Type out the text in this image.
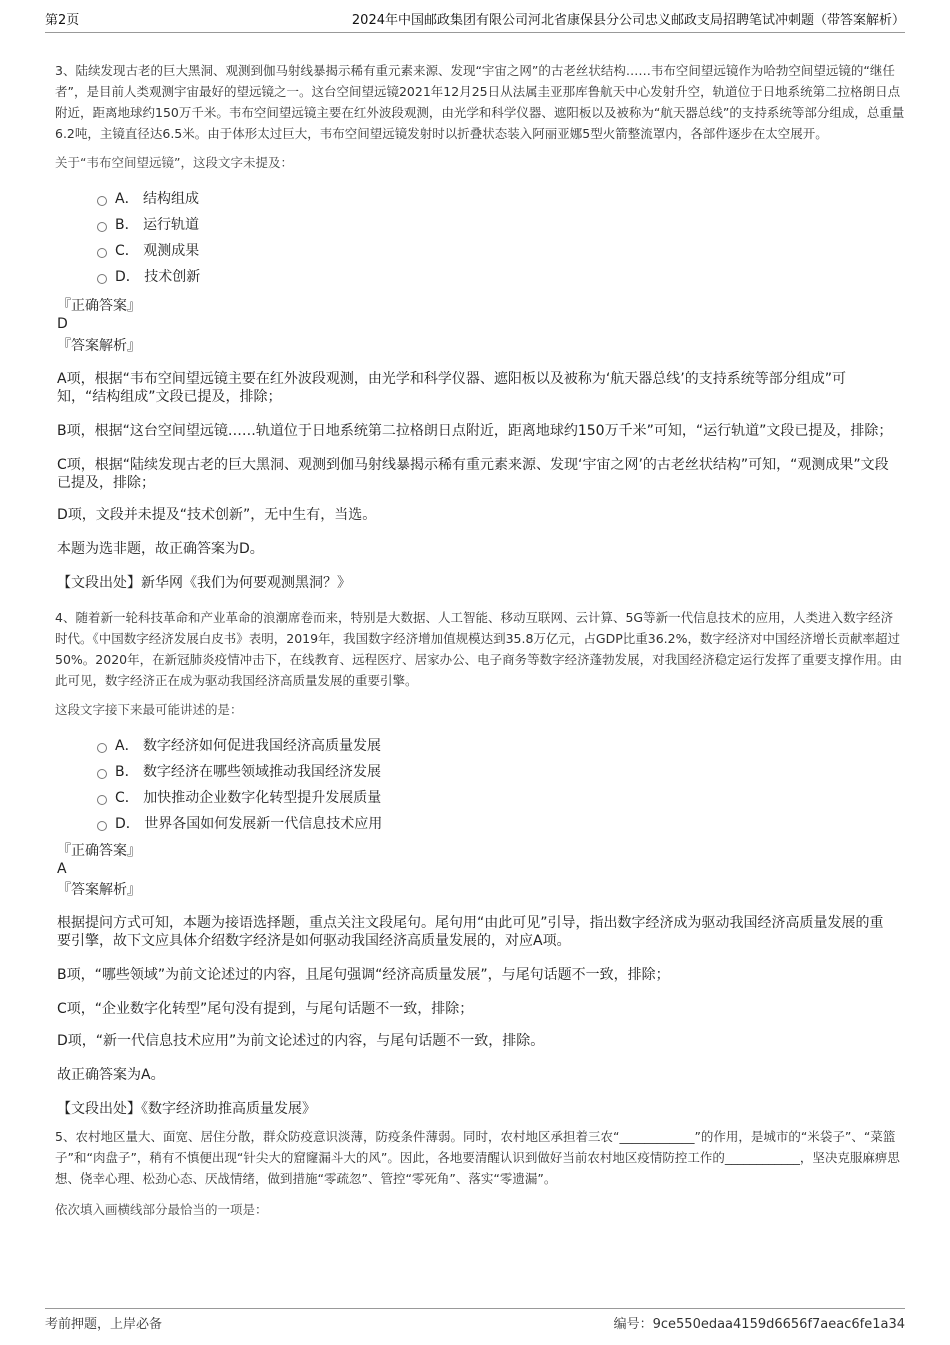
第2页	2024年中国邮政集团有限公司河北省康保县分公司忠义邮政支局招聘笔试冲刺题（带答案解析）
3、陆续发现古老的巨大黑洞、观测到伽马射线暴揭示稀有重元素来源、发现“宇宙之网”的古老丝状结构……韦布空间望远镜作为哈勃空间望远镜的“继任者”，是目前人类观测宇宙最好的望远镜之一。这台空间望远镜2021年12月25日从法属圭亚那库鲁航天中心发射升空，轨道位于日地系统第二拉格朗日点附近，距离地球约150万千米。韦布空间望远镜主要在红外波段观测，由光学和科学仪器、遮阳板以及被称为“航天器总线”的支持系统等部分组成，总重量6.2吨，主镜直径达6.5米。由于体形太过巨大，韦布空间望远镜发射时以折叠状态装入阿丽亚娜5型火箭整流罩内，各部件逐步在太空展开。
关于“韦布空间望远镜”，这段文字未提及：
A． 结构组成
B． 运行轨道
C． 观测成果
D． 技术创新
『正确答案』
D
『答案解析』
A项，根据“韦布空间望远镜主要在红外波段观测，由光学和科学仪器、遮阳板以及被称为‘航天器总线’的支持系统等部分组成”可知，“结构组成”文段已提及，排除；
B项，根据“这台空间望远镜……轨道位于日地系统第二拉格朗日点附近，距离地球约150万千米”可知，“运行轨道”文段已提及，排除；
C项，根据“陆续发现古老的巨大黑洞、观测到伽马射线暴揭示稀有重元素来源、发现‘宇宙之网’的古老丝状结构”可知，“观测成果”文段已提及，排除；
D项，文段并未提及“技术创新”，无中生有，当选。
本题为选非题，故正确答案为D。
【文段出处】新华网《我们为何要观测黑洞？》
4、随着新一轮科技革命和产业革命的浪潮席卷而来，特别是大数据、人工智能、移动互联网、云计算、5G等新一代信息技术的应用，人类进入数字经济时代。《中国数字经济发展白皮书》表明，2019年，我国数字经济增加值规模达到35.8万亿元，占GDP比重36.2%，数字经济对中国经济增长贡献率超过50%。2020年，在新冠肺炎疫情冲击下，在线教育、远程医疗、居家办公、电子商务等数字经济蓬勃发展，对我国经济稳定运行发挥了重要支撑作用。由此可见，数字经济正在成为驱动我国经济高质量发展的重要引擎。
这段文字接下来最可能讲述的是：
A． 数字经济如何促进我国经济高质量发展
B． 数字经济在哪些领域推动我国经济发展
C． 加快推动企业数字化转型提升发展质量
D． 世界各国如何发展新一代信息技术应用
『正确答案』
A
『答案解析』
根据提问方式可知，本题为接语选择题，重点关注文段尾句。尾句用“由此可见”引导，指出数字经济成为驱动我国经济高质量发展的重要引擎，故下文应具体介绍数字经济是如何驱动我国经济高质量发展的，对应A项。
B项，“哪些领域”为前文论述过的内容，且尾句强调“经济高质量发展”，与尾句话题不一致，排除；
C项，“企业数字化转型”尾句没有提到，与尾句话题不一致，排除；
D项，“新一代信息技术应用”为前文论述过的内容，与尾句话题不一致，排除。
故正确答案为A。
【文段出处】《数字经济助推高质量发展》
5、农村地区量大、面宽、居住分散，群众防疫意识淡薄，防疫条件薄弱。同时，农村地区承担着三农“____________”的作用，是城市的“米袋子”、“菜篮子”和“肉盘子”，稍有不慎便出现“针尖大的窟窿漏斗大的风”。因此，各地要清醒认识到做好当前农村地区疫情防控工作的____________，坚决克服麻痹思想、侥幸心理、松劲心态、厌战情绪，做到措施“零疏忽”、管控“零死角”、落实“零遗漏”。
依次填入画横线部分最恰当的一项是：
考前押题，上岸必备	编号：9ce550edaa4159d6656f7aeac6fe1a34
